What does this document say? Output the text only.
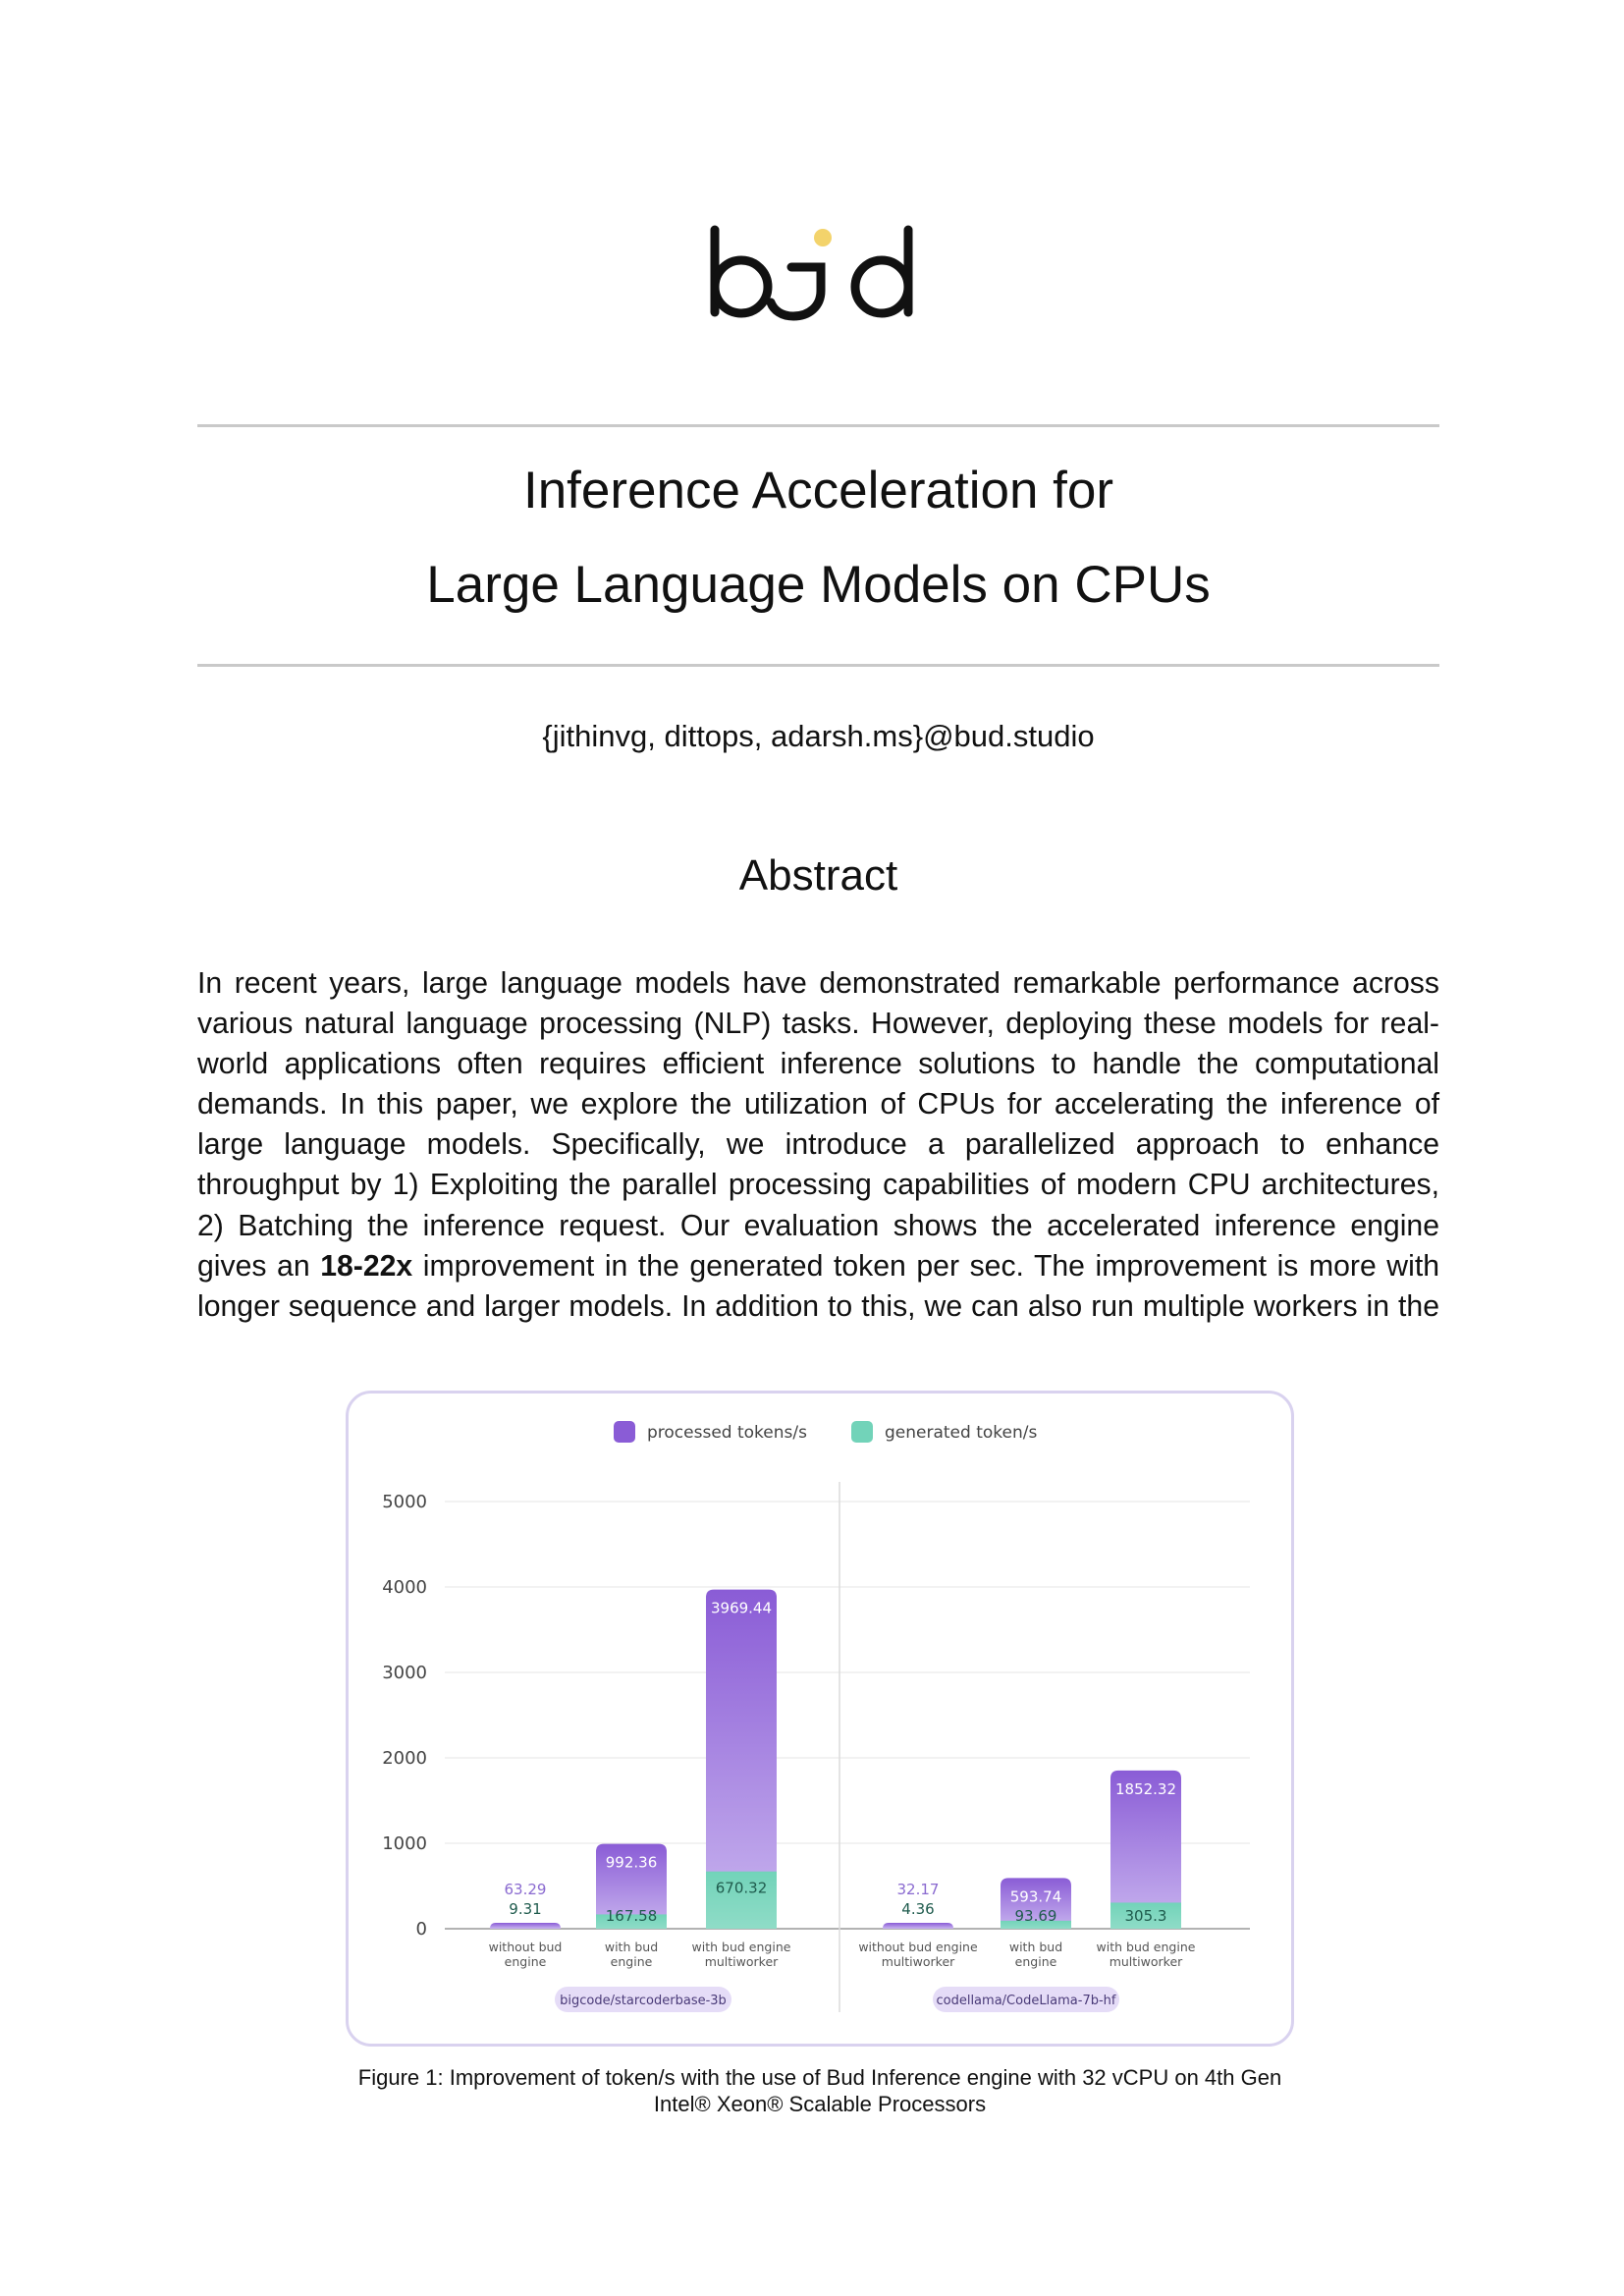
Inference Acceleration for
Large Language Models on CPUs
{jithinvg, dittops, adarsh.ms}@bud.studio
Abstract

In recent years, large language models have demonstrated remarkable performance across various natural language processing (NLP) tasks. However, deploying these models for real-world applications often requires efficient inference solutions to handle the computational demands. In this paper, we explore the utilization of CPUs for accelerating the inference of large language models. Specifically, we introduce a parallelized approach to enhance throughput by 1) Exploiting the parallel processing capabilities of modern CPU architectures, 2) Batching the inference request. Our evaluation shows the accelerated inference engine gives an 18-22x improvement in the generated token per sec. The improvement is more with longer sequence and larger models. In addition to this, we can also run multiple workers in the

processed tokens/s	generated token/s
0
1000
2000
3000
4000
5000
63.29
9.31
without bud
engine
992.36
167.58
with bud
engine
3969.44
670.32
with bud engine
multiworker
bigcode/starcoderbase-3b
32.17
4.36
without bud engine
multiworker
593.74
93.69
with bud
engine
1852.32
305.3
with bud engine
multiworker
codellama/CodeLlama-7b-hf
Figure 1: Improvement of token/s with the use of Bud Inference engine with 32 vCPU on 4th Gen
Intel® Xeon® Scalable Processors
